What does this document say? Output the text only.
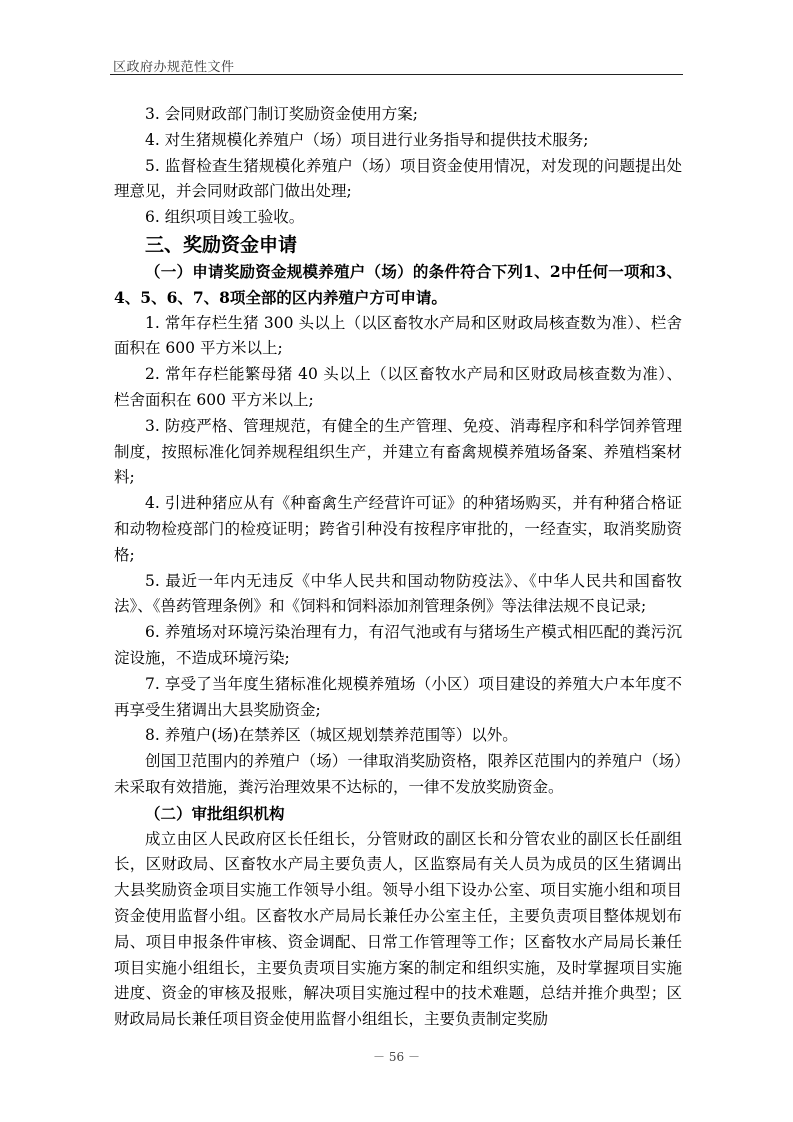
区政府办规范性文件

3. 会同财政部门制订奖励资金使用方案;

4. 对生猪规模化养殖户（场）项目进行业务指导和提供技术服务;

5. 监督检查生猪规模化养殖户（场）项目资金使用情况，对发现的问题提出处理意见，并会同财政部门做出处理;

6. 组织项目竣工验收。

三、奖励资金申请

（一）申请奖励资金规模养殖户（场）的条件符合下列1、2中任何一项和3、4、5、6、7、8项全部的区内养殖户方可申请。

1. 常年存栏生猪 300 头以上（以区畜牧水产局和区财政局核查数为准）、栏舍面积在 600 平方米以上;

2. 常年存栏能繁母猪 40 头以上（以区畜牧水产局和区财政局核查数为准）、栏舍面积在 600 平方米以上;

3. 防疫严格、管理规范，有健全的生产管理、免疫、消毒程序和科学饲养管理制度，按照标准化饲养规程组织生产，并建立有畜禽规模养殖场备案、养殖档案材料;

4. 引进种猪应从有《种畜禽生产经营许可证》的种猪场购买，并有种猪合格证和动物检疫部门的检疫证明；跨省引种没有按程序审批的，一经查实，取消奖励资格;

5. 最近一年内无违反《中华人民共和国动物防疫法》、《中华人民共和国畜牧法》、《兽药管理条例》和《饲料和饲料添加剂管理条例》等法律法规不良记录;

6. 养殖场对环境污染治理有力，有沼气池或有与猪场生产模式相匹配的粪污沉淀设施，不造成环境污染;

7. 享受了当年度生猪标准化规模养殖场（小区）项目建设的养殖大户本年度不再享受生猪调出大县奖励资金;

8. 养殖户(场)在禁养区（城区规划禁养范围等）以外。

创国卫范围内的养殖户（场）一律取消奖励资格，限养区范围内的养殖户（场）未采取有效措施，粪污治理效果不达标的，一律不发放奖励资金。

（二）审批组织机构

成立由区人民政府区长任组长，分管财政的副区长和分管农业的副区长任副组长，区财政局、区畜牧水产局主要负责人，区监察局有关人员为成员的区生猪调出大县奖励资金项目实施工作领导小组。领导小组下设办公室、项目实施小组和项目资金使用监督小组。区畜牧水产局局长兼任办公室主任，主要负责项目整体规划布局、项目申报条件审核、资金调配、日常工作管理等工作；区畜牧水产局局长兼任项目实施小组组长，主要负责项目实施方案的制定和组织实施，及时掌握项目实施进度、资金的审核及报账，解决项目实施过程中的技术难题，总结并推介典型；区财政局局长兼任项目资金使用监督小组组长，主要负责制定奖励

－ 56 －
